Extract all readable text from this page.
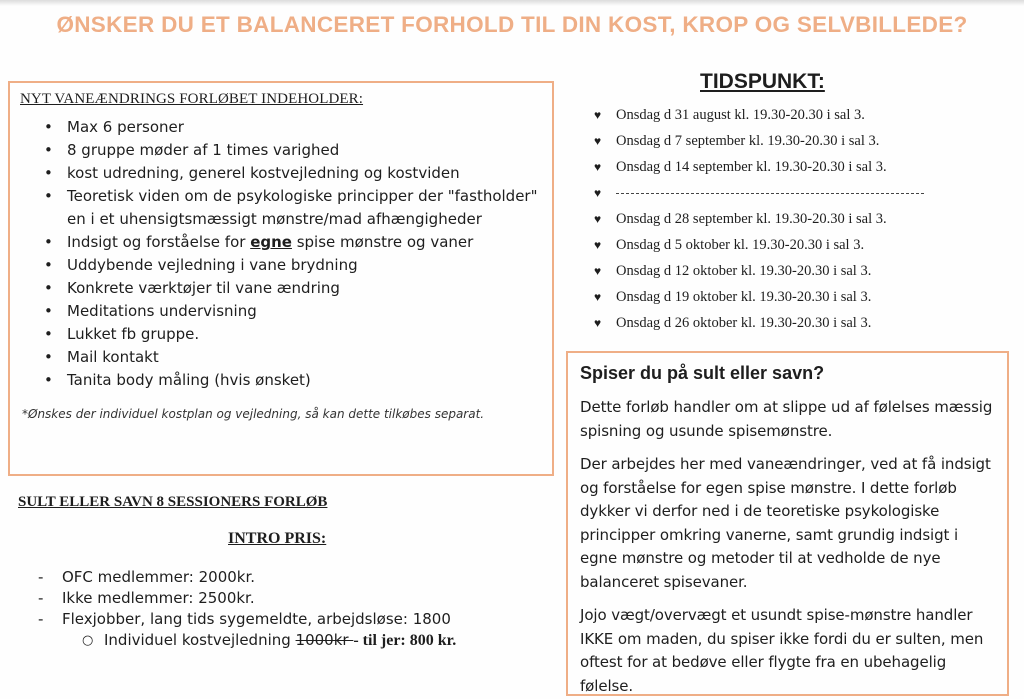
ØNSKER DU ET BALANCERET FORHOLD TIL DIN KOST, KROP OG SELVBILLEDE?
NYT VANEÆNDRINGS FORLØBET INDEHOLDER:
• Max 6 personer
• 8 gruppe møder af 1 times varighed
• kost udredning, generel kostvejledning og kostviden
• Teoretisk viden om de psykologiske principper der "fastholder" en i et uhensigtsmæssigt mønstre/mad afhængigheder
• Indsigt og forståelse for egne spise mønstre og vaner
• Uddybende vejledning i vane brydning
• Konkrete værktøjer til vane ændring
• Meditations undervisning
• Lukket fb gruppe.
• Mail kontakt
• Tanita body måling (hvis ønsket)
*Ønskes der individuel kostplan og vejledning, så kan dette tilkøbes separat.
SULT ELLER SAVN 8 SESSIONERS FORLØB
INTRO PRIS:
- OFC medlemmer: 2000kr.
- Ikke medlemmer: 2500kr.
- Flexjobber, lang tids sygemeldte, arbejdsløse: 1800
○ Individuel kostvejledning 1000kr - til jer: 800 kr.
TIDSPUNKT:
♥ Onsdag d 31 august kl. 19.30-20.30 i sal 3.
♥ Onsdag d 7 september kl. 19.30-20.30 i sal 3.
♥ Onsdag d 14 september kl. 19.30-20.30 i sal 3.
♥
♥ Onsdag d 28 september kl. 19.30-20.30 i sal 3.
♥ Onsdag d 5 oktober kl. 19.30-20.30 i sal 3.
♥ Onsdag d 12 oktober kl. 19.30-20.30 i sal 3.
♥ Onsdag d 19 oktober kl. 19.30-20.30 i sal 3.
♥ Onsdag d 26 oktober kl. 19.30-20.30 i sal 3.
Spiser du på sult eller savn?

Dette forløb handler om at slippe ud af følelses mæssig spisning og usunde spisemønstre.

Der arbejdes her med vaneændringer, ved at få indsigt og forståelse for egen spise mønstre. I dette forløb dykker vi derfor ned i de teoretiske psykologiske principper omkring vanerne, samt grundig indsigt i egne mønstre og metoder til at vedholde de nye balanceret spisevaner.

Jojo vægt/overvægt et usundt spise-mønstre handler IKKE om maden, du spiser ikke fordi du er sulten, men oftest for at bedøve eller flygte fra en ubehagelig følelse.
